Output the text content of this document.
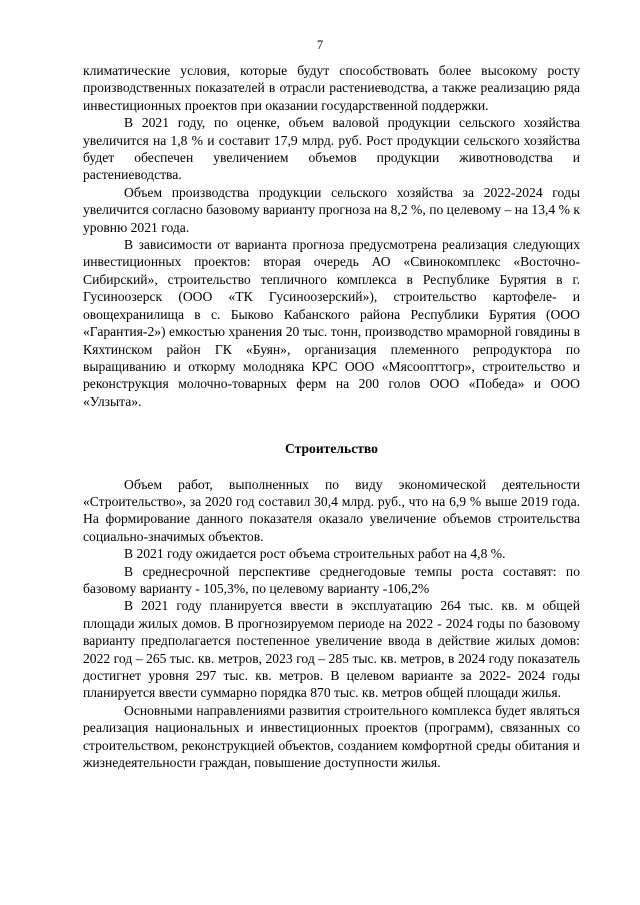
7

климатические условия, которые будут способствовать более высокому росту производственных показателей в отрасли растениеводства, а также реализацию ряда инвестиционных проектов при оказании государственной поддержки.

В 2021 году, по оценке, объем валовой продукции сельского хозяйства увеличится на 1,8 % и составит 17,9 млрд. руб. Рост продукции сельского хозяйства будет обеспечен увеличением объемов продукции животноводства и растениеводства.

Объем производства продукции сельского хозяйства за 2022-2024 годы увеличится согласно базовому варианту прогноза на 8,2 %, по целевому – на 13,4 % к уровню 2021 года.

В зависимости от варианта прогноза предусмотрена реализация следующих инвестиционных проектов: вторая очередь АО «Свинокомплекс «Восточно-Сибирский», строительство тепличного комплекса в Республике Бурятия в г. Гусиноозерск (ООО «ТК Гусиноозерский»), строительство картофеле- и овощехранилища в с. Быково Кабанского района Республики Бурятия (ООО «Гарантия-2») емкостью хранения 20 тыс. тонн, производство мраморной говядины в Кяхтинском район ГК «Буян», организация племенного репродуктора по выращиванию и откорму молодняка КРС ООО «Мясоопттогр», строительство и реконструкция молочно-товарных ферм на 200 голов ООО «Победа» и ООО «Улзыта».

Строительство

Объем работ, выполненных по виду экономической деятельности «Строительство», за 2020 год составил 30,4 млрд. руб., что на 6,9 % выше 2019 года. На формирование данного показателя оказало увеличение объемов строительства социально-значимых объектов.

В 2021 году ожидается рост объема строительных работ на 4,8 %.

В среднесрочной перспективе среднегодовые темпы роста составят: по базовому варианту - 105,3%, по целевому варианту -106,2%

В 2021 году планируется ввести в эксплуатацию 264 тыс. кв. м общей площади жилых домов. В прогнозируемом периоде на 2022 - 2024 годы по базовому варианту предполагается постепенное увеличение ввода в действие жилых домов: 2022 год – 265 тыс. кв. метров, 2023 год – 285 тыс. кв. метров, в 2024 году показатель достигнет уровня 297 тыс. кв. метров. В целевом варианте за 2022- 2024 годы планируется ввести суммарно порядка 870 тыс. кв. метров общей площади жилья.

Основными направлениями развития строительного комплекса будет являться реализация национальных и инвестиционных проектов (программ), связанных со строительством, реконструкцией объектов, созданием комфортной среды обитания и жизнедеятельности граждан, повышение доступности жилья.
